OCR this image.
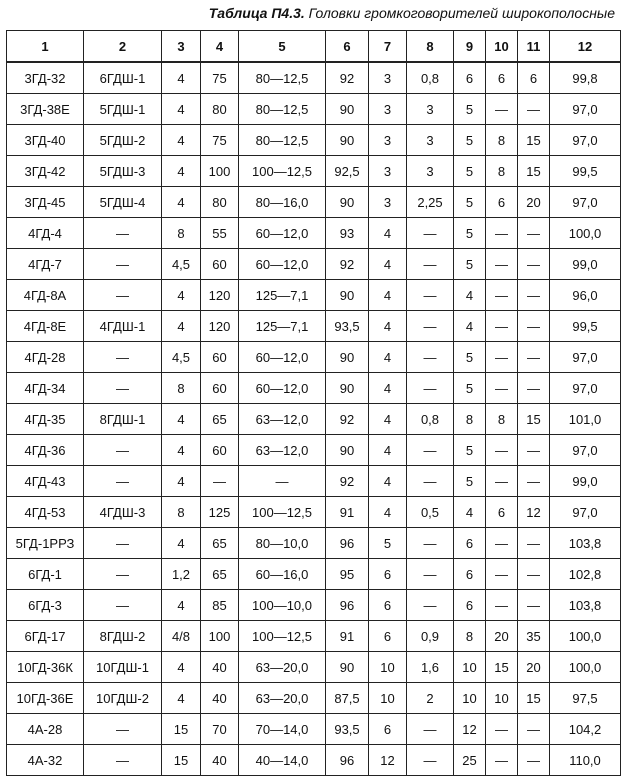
Таблица П4.3. Головки громкоговорителей широкополосные
1	2	3	4	5	6	7	8	9	10	11	12
3ГД-32	6ГДШ-1	4	75	80—12,5	92	3	0,8	6	6	6	99,8
3ГД-38Е	5ГДШ-1	4	80	80—12,5	90	3	3	5	—	—	97,0
3ГД-40	5ГДШ-2	4	75	80—12,5	90	3	3	5	8	15	97,0
3ГД-42	5ГДШ-3	4	100	100—12,5	92,5	3	3	5	8	15	99,5
3ГД-45	5ГДШ-4	4	80	80—16,0	90	3	2,25	5	6	20	97,0
4ГД-4	—	8	55	60—12,0	93	4	—	5	—	—	100,0
4ГД-7	—	4,5	60	60—12,0	92	4	—	5	—	—	99,0
4ГД-8А	—	4	120	125—7,1	90	4	—	4	—	—	96,0
4ГД-8Е	4ГДШ-1	4	120	125—7,1	93,5	4	—	4	—	—	99,5
4ГД-28	—	4,5	60	60—12,0	90	4	—	5	—	—	97,0
4ГД-34	—	8	60	60—12,0	90	4	—	5	—	—	97,0
4ГД-35	8ГДШ-1	4	65	63—12,0	92	4	0,8	8	8	15	101,0
4ГД-36	—	4	60	63—12,0	90	4	—	5	—	—	97,0
4ГД-43	—	4	—	—	92	4	—	5	—	—	99,0
4ГД-53	4ГДШ-3	8	125	100—12,5	91	4	0,5	4	6	12	97,0
5ГД-1РРЗ	—	4	65	80—10,0	96	5	—	6	—	—	103,8
6ГД-1	—	1,2	65	60—16,0	95	6	—	6	—	—	102,8
6ГД-3	—	4	85	100—10,0	96	6	—	6	—	—	103,8
6ГД-17	8ГДШ-2	4/8	100	100—12,5	91	6	0,9	8	20	35	100,0
10ГД-36К	10ГДШ-1	4	40	63—20,0	90	10	1,6	10	15	20	100,0
10ГД-36Е	10ГДШ-2	4	40	63—20,0	87,5	10	2	10	10	15	97,5
4А-28	—	15	70	70—14,0	93,5	6	—	12	—	—	104,2
4А-32	—	15	40	40—14,0	96	12	—	25	—	—	110,0
